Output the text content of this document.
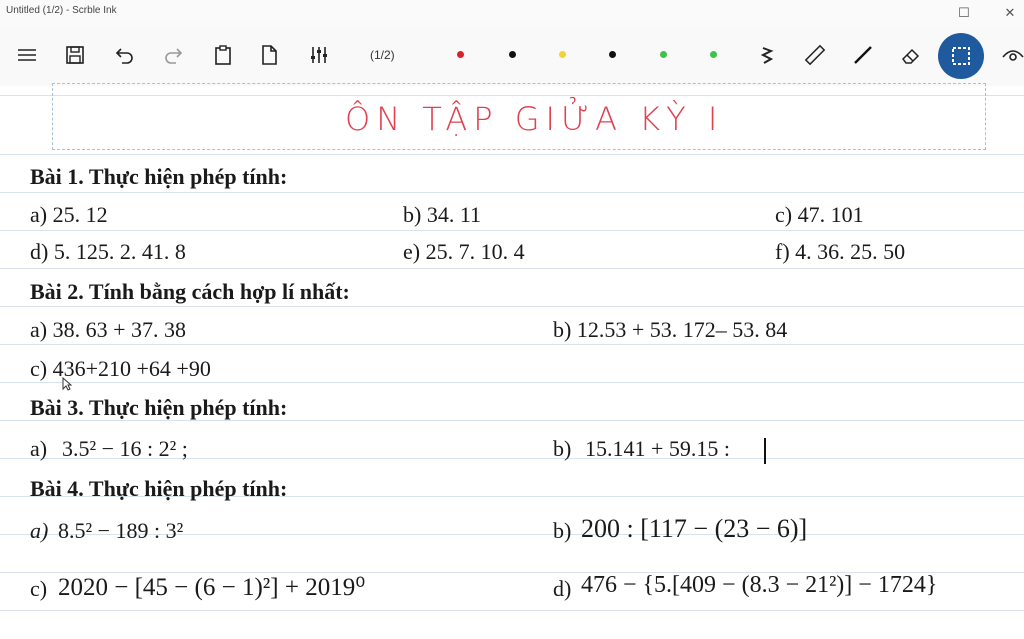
Untitled (1/2) - Scrble Ink	☐	✕
(1/2)
ÔN TẬP GIỬA KỲ I
Bài 1. Thực hiện phép tính:
a) 25. 12	b) 34. 11	c) 47. 101
d) 5. 125. 2. 41. 8	e) 25. 7. 10. 4	f) 4. 36. 25. 50
Bài 2. Tính bằng cách hợp lí nhất:
a) 38. 63 + 37. 38	b) 12.53 + 53. 172– 53. 84
c) 436+210 +64 +90
Bài 3. Thực hiện phép tính:
a) 3.5² − 16 : 2² ;	b) 15.141 + 59.15 :
Bài 4. Thực hiện phép tính:
a) 8.5² − 189 : 3²	b) 200 : [117 − (23 − 6)]
c) 2020 − [45 − (6 − 1)²] + 2019⁰	d) 476 − {5.[409 − (8.3 − 21²)] − 1724}
